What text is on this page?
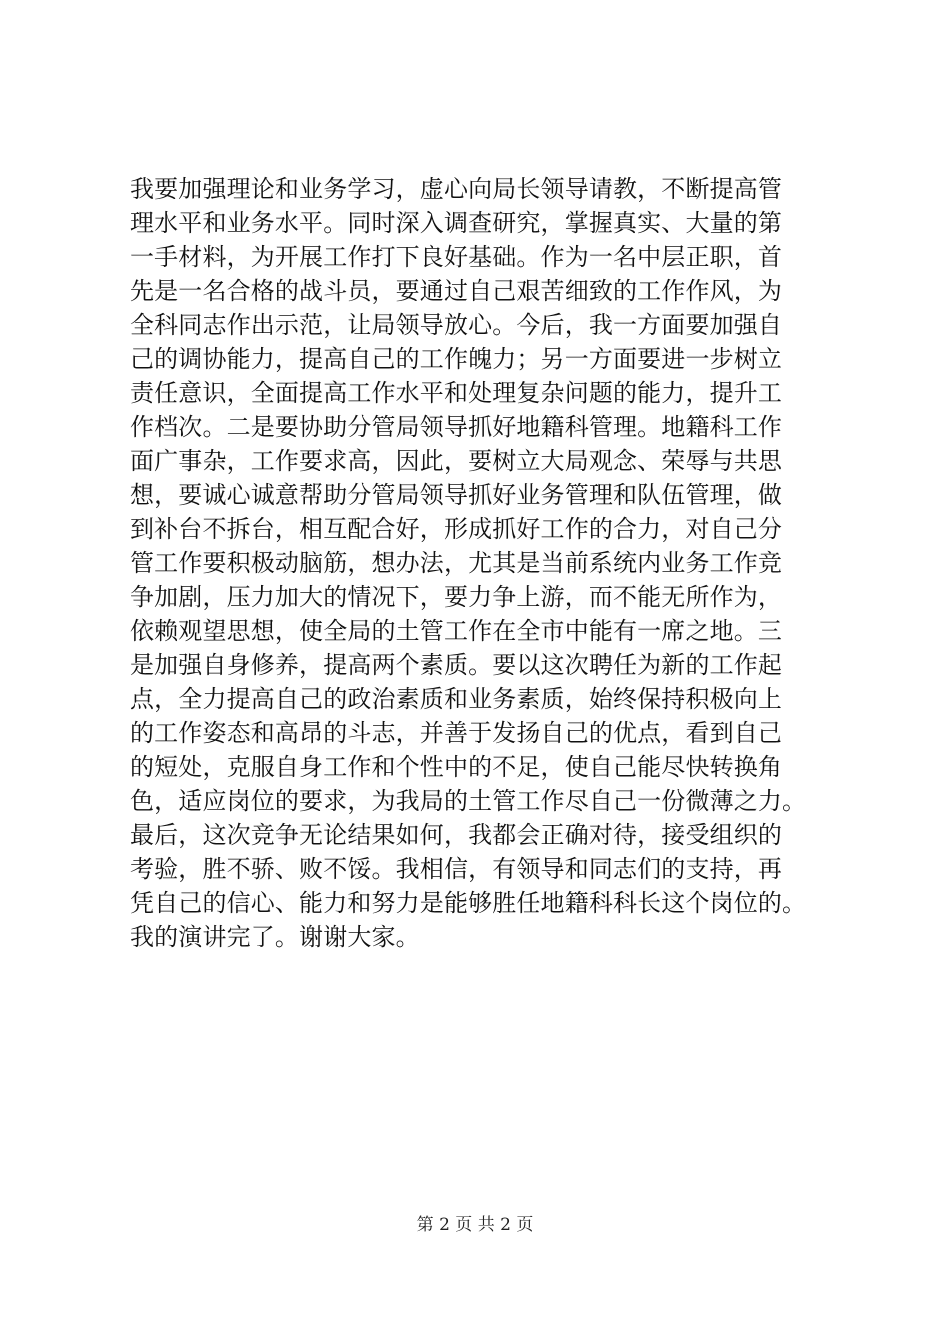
我要加强理论和业务学习，虚心向局长领导请教，不断提高管
理水平和业务水平。同时深入调查研究，掌握真实、大量的第
一手材料，为开展工作打下良好基础。作为一名中层正职，首
先是一名合格的战斗员，要通过自己艰苦细致的工作作风，为
全科同志作出示范，让局领导放心。今后，我一方面要加强自
己的调协能力，提高自己的工作魄力；另一方面要进一步树立
责任意识，全面提高工作水平和处理复杂问题的能力，提升工
作档次。二是要协助分管局领导抓好地籍科管理。地籍科工作
面广事杂，工作要求高，因此，要树立大局观念、荣辱与共思
想，要诚心诚意帮助分管局领导抓好业务管理和队伍管理，做
到补台不拆台，相互配合好，形成抓好工作的合力，对自己分
管工作要积极动脑筋，想办法，尤其是当前系统内业务工作竞
争加剧，压力加大的情况下，要力争上游，而不能无所作为，
依赖观望思想，使全局的土管工作在全市中能有一席之地。三
是加强自身修养，提高两个素质。要以这次聘任为新的工作起
点，全力提高自己的政治素质和业务素质，始终保持积极向上
的工作姿态和高昂的斗志，并善于发扬自己的优点，看到自己
的短处，克服自身工作和个性中的不足，使自己能尽快转换角
色，适应岗位的要求，为我局的土管工作尽自己一份微薄之力。
最后，这次竞争无论结果如何，我都会正确对待，接受组织的
考验，胜不骄、败不馁。我相信，有领导和同志们的支持，再
凭自己的信心、能力和努力是能够胜任地籍科科长这个岗位的。
我的演讲完了。谢谢大家。
第 2 页 共 2 页
